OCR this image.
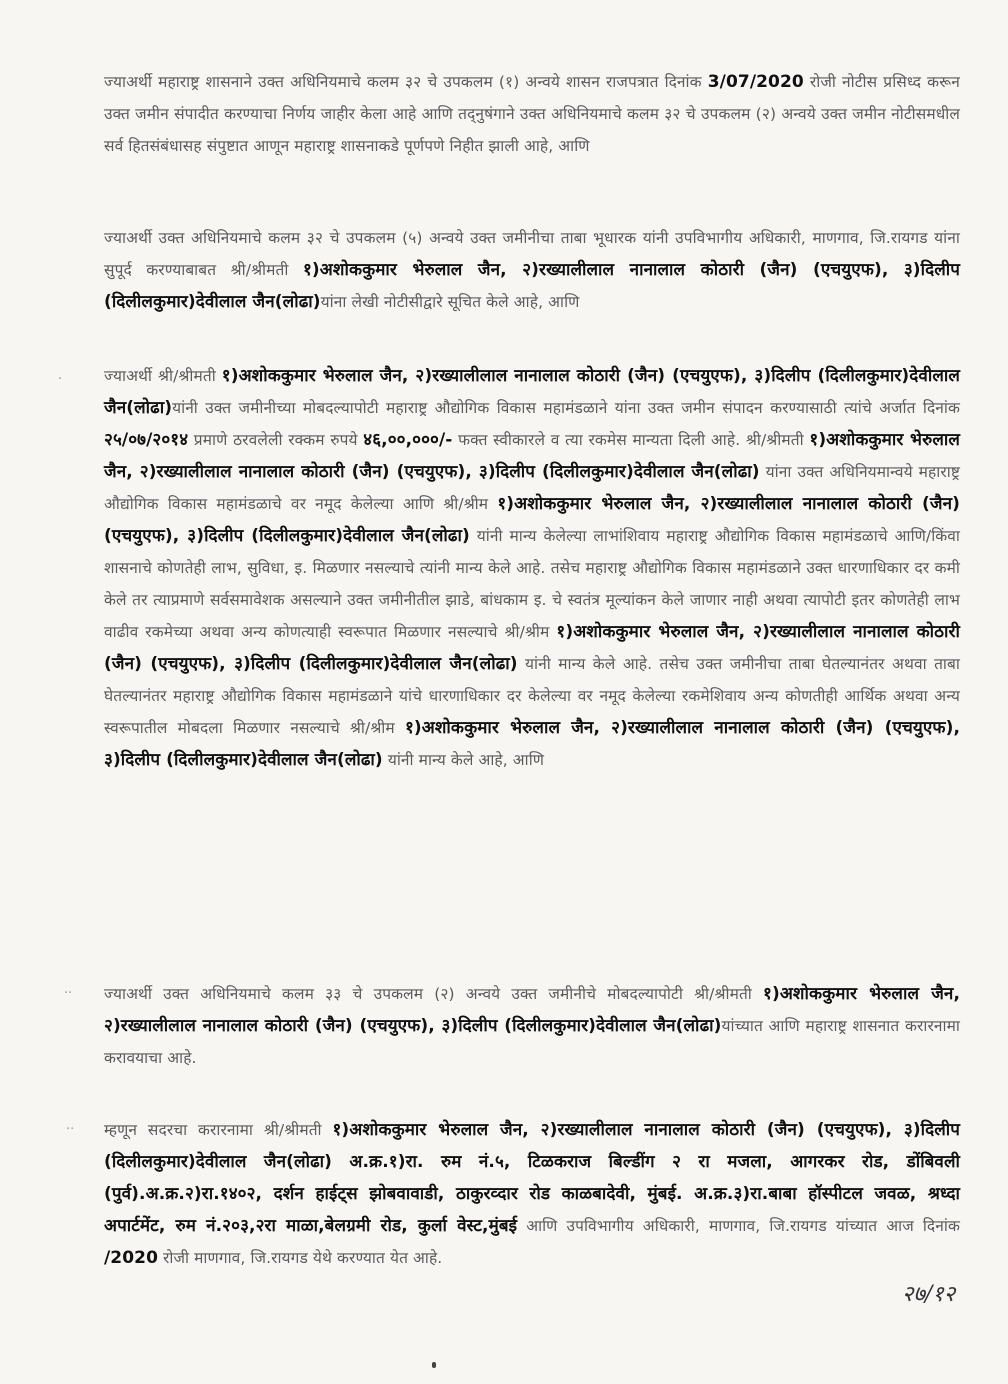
ज्याअर्थी महाराष्ट्र शासनाने उक्त अधिनियमाचे कलम ३२ चे उपकलम (१) अन्वये शासन राजपत्रात दिनांक 3/07/2020 रोजी नोटीस प्रसिध्द करून उक्त जमीन संपादीत करण्याचा निर्णय जाहीर केला आहे आणि तद्‌नुषंगाने उक्त अधिनियमाचे कलम ३२ चे उपकलम (२) अन्वये उक्त जमीन नोटीसमधील सर्व हितसंबंधासह संपुष्टात आणून महाराष्ट्र शासनाकडे पूर्णपणे निहीत झाली आहे, आणि

ज्याअर्थी उक्त अधिनियमाचे कलम ३२ चे उपकलम (५) अन्वये उक्त जमीनीचा ताबा भूधारक यांनी उपविभागीय अधिकारी, माणगाव, जि.रायगड यांना सुपूर्द करण्याबाबत श्री/श्रीमती १)अशोककुमार भेरुलाल जैन, २)रख्यालीलाल नानालाल कोठारी (जैन) (एचयुएफ), ३)दिलीप (दिलीलकुमार)देवीलाल जैन(लोढा)यांना लेखी नोटीसीद्वारे सूचित केले आहे, आणि

ज्याअर्थी श्री/श्रीमती १)अशोककुमार भेरुलाल जैन, २)रख्यालीलाल नानालाल कोठारी (जैन) (एचयुएफ), ३)दिलीप (दिलीलकुमार)देवीलाल जैन(लोढा)यांनी उक्त जमीनीच्या मोबदल्यापोटी महाराष्ट्र औद्योगिक विकास महामंडळाने यांना उक्त जमीन संपादन करण्यासाठी त्यांचे अर्जात दिनांक २५/०७/२०१४ प्रमाणे ठरवलेली रक्कम रुपये ४६,००,०००/- फक्त स्वीकारले व त्या रकमेस मान्यता दिली आहे. श्री/श्रीमती १)अशोककुमार भेरुलाल जैन, २)रख्यालीलाल नानालाल कोठारी (जैन) (एचयुएफ), ३)दिलीप (दिलीलकुमार)देवीलाल जैन(लोढा) यांना उक्त अधिनियमान्वये महाराष्ट्र औद्योगिक विकास महामंडळाचे वर नमूद केलेल्या आणि श्री/श्रीम १)अशोककुमार भेरुलाल जैन, २)रख्यालीलाल नानालाल कोठारी (जैन) (एचयुएफ), ३)दिलीप (दिलीलकुमार)देवीलाल जैन(लोढा) यांनी मान्य केलेल्या लाभांशिवाय महाराष्ट्र औद्योगिक विकास महामंडळाचे आणि/किंवा शासनाचे कोणतेही लाभ, सुविधा, इ. मिळणार नसल्याचे त्यांनी मान्य केले आहे. तसेच महाराष्ट्र औद्योगिक विकास महामंडळाने उक्त धारणाधिकार दर कमी केले तर त्याप्रमाणे सर्वसमावेशक असल्याने उक्त जमीनीतील झाडे, बांधकाम इ. चे स्वतंत्र मूल्यांकन केले जाणार नाही अथवा त्यापोटी इतर कोणतेही लाभ वाढीव रकमेच्या अथवा अन्य कोणत्याही स्वरूपात मिळणार नसल्याचे श्री/श्रीम १)अशोककुमार भेरुलाल जैन, २)रख्यालीलाल नानालाल कोठारी (जैन) (एचयुएफ), ३)दिलीप (दिलीलकुमार)देवीलाल जैन(लोढा) यांनी मान्य केले आहे. तसेच उक्त जमीनीचा ताबा घेतल्यानंतर अथवा ताबा घेतल्यानंतर महाराष्ट्र औद्योगिक विकास महामंडळाने यांचे धारणाधिकार दर केलेल्या वर नमूद केलेल्या रकमेशिवाय अन्य कोणतीही आर्थिक अथवा अन्य स्वरूपातील मोबदला मिळणार नसल्याचे श्री/श्रीम १)अशोककुमार भेरुलाल जैन, २)रख्यालीलाल नानालाल कोठारी (जैन) (एचयुएफ), ३)दिलीप (दिलीलकुमार)देवीलाल जैन(लोढा) यांनी मान्य केले आहे, आणि

ज्याअर्थी उक्त अधिनियमाचे कलम ३३ चे उपकलम (२) अन्वये उक्त जमीनीचे मोबदल्यापोटी श्री/श्रीमती १)अशोककुमार भेरुलाल जैन, २)रख्यालीलाल नानालाल कोठारी (जैन) (एचयुएफ), ३)दिलीप (दिलीलकुमार)देवीलाल जैन(लोढा)यांच्यात आणि महाराष्ट्र शासनात करारनामा करावयाचा आहे.

म्हणून सदरचा करारनामा श्री/श्रीमती १)अशोककुमार भेरुलाल जैन, २)रख्यालीलाल नानालाल कोठारी (जैन) (एचयुएफ), ३)दिलीप (दिलीलकुमार)देवीलाल जैन(लोढा) अ.क्र.१)रा. रुम नं.५, टिळकराज बिल्डींग २ रा मजला, आगरकर रोड, डोंबिवली (पुर्व).अ.क्र.२)रा.१४०२, दर्शन हाईट्स झोबवावाडी, ठाकुरव्दार रोड काळबादेवी, मुंबई. अ.क्र.३)रा.बाबा हॉस्पीटल जवळ, श्रध्दा अपार्टमेंट, रुम नं.२०३,२रा माळा,बेलग्रमी रोड, कुर्ला वेस्ट,मुंबई आणि उपविभागीय अधिकारी, माणगाव, जि.रायगड यांच्यात आज दिनांक /2020 रोजी माणगाव, जि.रायगड येथे करण्यात येत आहे.

·
··
··
२७/१२
